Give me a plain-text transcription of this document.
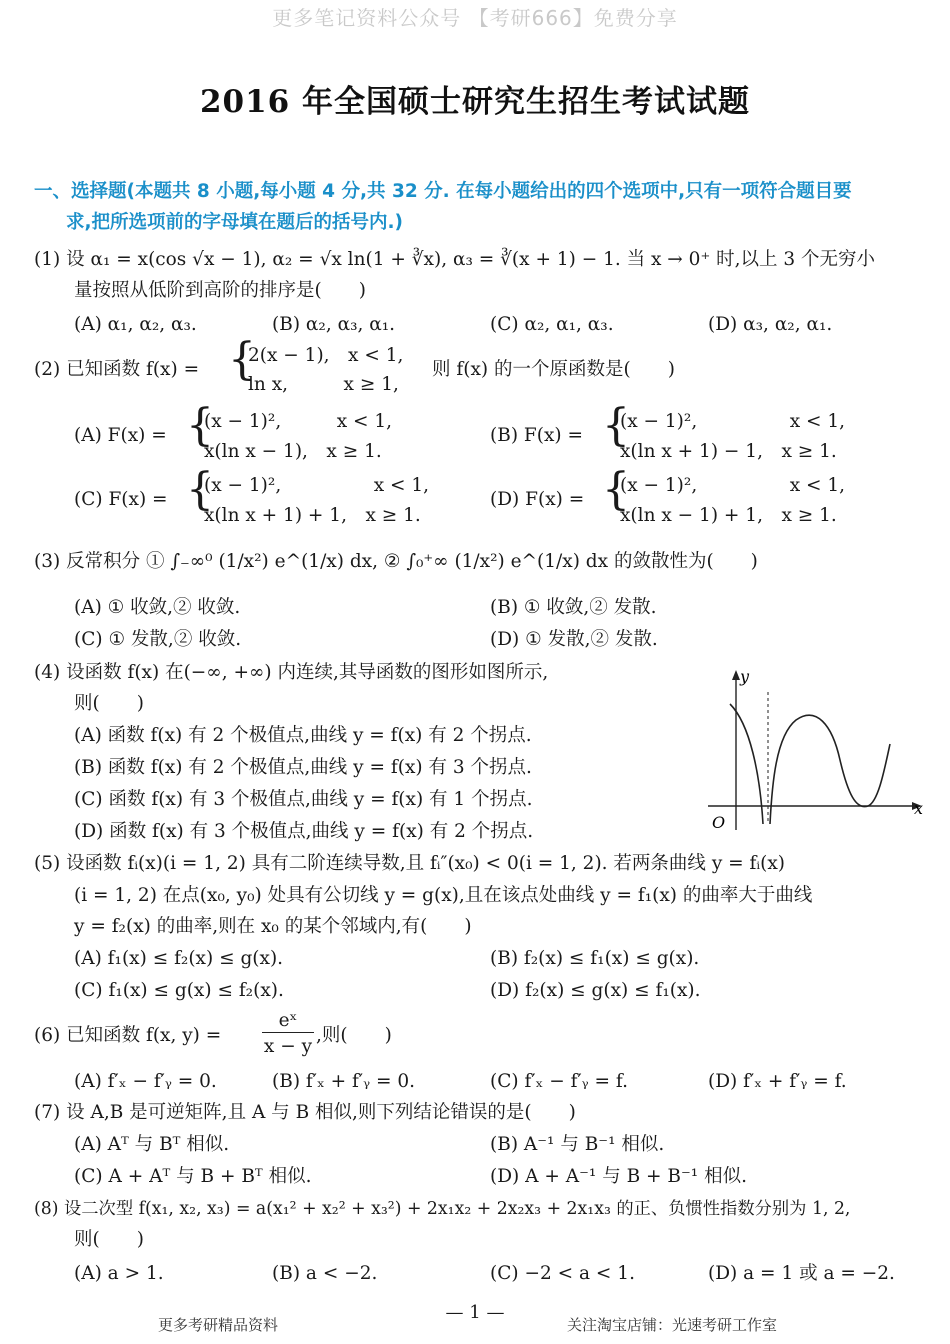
更多笔记资料公众号 【考研666】免费分享
2016 年全国硕士研究生招生考试试题
一、选择题(本题共 8 小题,每小题 4 分,共 32 分. 在每小题给出的四个选项中,只有一项符合题目要
求,把所选项前的字母填在题后的括号内.)
(1) 设 α₁ = x(cos √x − 1), α₂ = √x ln(1 + ∛x), α₃ = ∛(x + 1) − 1. 当 x → 0⁺ 时,以上 3 个无穷小
量按照从低阶到高阶的排序是(　　)
(A) α₁, α₂, α₃.	(B) α₂, α₃, α₁.	(C) α₂, α₁, α₃.	(D) α₃, α₂, α₁.
(2) 已知函数 f(x) = {
2(x − 1),　x < 1,
ln x,　　　x ≥ 1,
则 f(x) 的一个原函数是(　　)
(A) F(x) = {
(x − 1)²,　　　x < 1,
x(ln x − 1),　x ≥ 1.
(B) F(x) = {
(x − 1)²,　　　　　x < 1,
x(ln x + 1) − 1,　x ≥ 1.
(C) F(x) = {
(x − 1)²,　　　　　x < 1,
x(ln x + 1) + 1,　x ≥ 1.
(D) F(x) = {
(x − 1)²,　　　　　x < 1,
x(ln x − 1) + 1,　x ≥ 1.
(3) 反常积分 ① ∫₋∞⁰ (1/x²) e^(1/x) dx, ② ∫₀⁺∞ (1/x²) e^(1/x) dx 的敛散性为(　　)
(A) ① 收敛,② 收敛.	(B) ① 收敛,② 发散.
(C) ① 发散,② 收敛.	(D) ① 发散,② 发散.
(4) 设函数 f(x) 在(−∞, +∞) 内连续,其导函数的图形如图所示,
则(　　)
(A) 函数 f(x) 有 2 个极值点,曲线 y = f(x) 有 2 个拐点.
(B) 函数 f(x) 有 2 个极值点,曲线 y = f(x) 有 3 个拐点.
(C) 函数 f(x) 有 3 个极值点,曲线 y = f(x) 有 1 个拐点.
(D) 函数 f(x) 有 3 个极值点,曲线 y = f(x) 有 2 个拐点.
y
x
O
(5) 设函数 fᵢ(x)(i = 1, 2) 具有二阶连续导数,且 fᵢ″(x₀) < 0(i = 1, 2). 若两条曲线 y = fᵢ(x)
(i = 1, 2) 在点(x₀, y₀) 处具有公切线 y = g(x),且在该点处曲线 y = f₁(x) 的曲率大于曲线
y = f₂(x) 的曲率,则在 x₀ 的某个邻域内,有(　　)
(A) f₁(x) ≤ f₂(x) ≤ g(x).	(B) f₂(x) ≤ f₁(x) ≤ g(x).
(C) f₁(x) ≤ g(x) ≤ f₂(x).	(D) f₂(x) ≤ g(x) ≤ f₁(x).
(6) 已知函数 f(x, y) =
eˣ
x − y
,则(　　)
(A) f′ₓ − f′ᵧ = 0.	(B) f′ₓ + f′ᵧ = 0.	(C) f′ₓ − f′ᵧ = f.	(D) f′ₓ + f′ᵧ = f.
(7) 设 A,B 是可逆矩阵,且 A 与 B 相似,则下列结论错误的是(　　)
(A) Aᵀ 与 Bᵀ 相似.	(B) A⁻¹ 与 B⁻¹ 相似.
(C) A + Aᵀ 与 B + Bᵀ 相似.	(D) A + A⁻¹ 与 B + B⁻¹ 相似.
(8) 设二次型 f(x₁, x₂, x₃) = a(x₁² + x₂² + x₃²) + 2x₁x₂ + 2x₂x₃ + 2x₁x₃ 的正、负惯性指数分别为 1, 2,
则(　　)
(A) a > 1.	(B) a < −2.	(C) −2 < a < 1.	(D) a = 1 或 a = −2.
— 1 —
更多考研精品资料	关注淘宝店铺：光速考研工作室
